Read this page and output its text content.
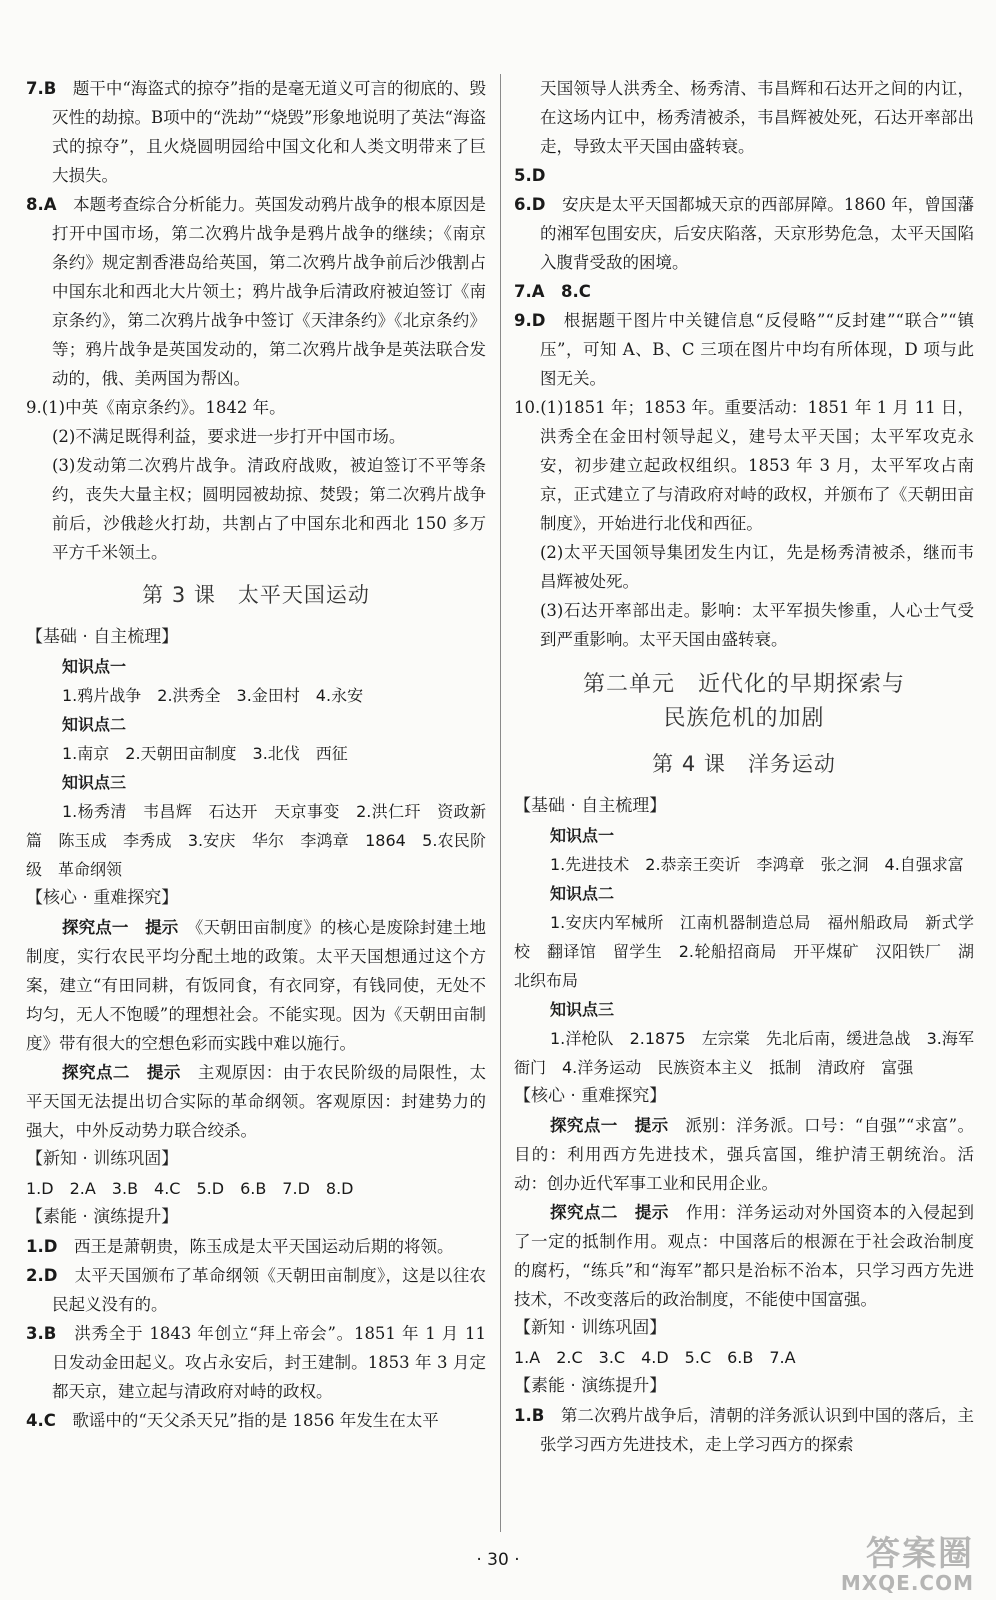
7.B　 题干中“海盗式的掠夺”指的是毫无道义可言的彻底的、毁灭性的劫掠。B项中的“洗劫”“烧毁”形象地说明了英法“海盗式的掠夺”，且火烧圆明园给中国文化和人类文明带来了巨大损失。

8.A　 本题考查综合分析能力。英国发动鸦片战争的根本原因是打开中国市场，第二次鸦片战争是鸦片战争的继续；《南京条约》规定割香港岛给英国，第二次鸦片战争前后沙俄割占中国东北和西北大片领土；鸦片战争后清政府被迫签订《南京条约》，第二次鸦片战争中签订《天津条约》《北京条约》等；鸦片战争是英国发动的，第二次鸦片战争是英法联合发动的，俄、美两国为帮凶。

9.(1)中英《南京条约》。1842 年。

(2)不满足既得利益，要求进一步打开中国市场。

(3)发动第二次鸦片战争。清政府战败，被迫签订不平等条约，丧失大量主权；圆明园被劫掠、焚毁；第二次鸦片战争前后，沙俄趁火打劫，共割占了中国东北和西北 150 多万平方千米领土。

第 3 课　太平天国运动
【基础 · 自主梳理】
知识点一

1.鸦片战争　2.洪秀全　3.金田村　4.永安

知识点二

1.南京　2.天朝田亩制度　3.北伐　西征

知识点三

1.杨秀清　韦昌辉　石达开　天京事变　2.洪仁玕　资政新篇　陈玉成　李秀成　3.安庆　华尔　李鸿章　1864　5.农民阶级　革命纲领

【核心 · 重难探究】

探究点一　提示　 《天朝田亩制度》的核心是废除封建土地制度，实行农民平均分配土地的政策。太平天国想通过这个方案，建立“有田同耕，有饭同食，有衣同穿，有钱同使，无处不均匀，无人不饱暖”的理想社会。不能实现。因为《天朝田亩制度》带有很大的空想色彩而实践中难以施行。

探究点二　提示　 主观原因：由于农民阶级的局限性，太平天国无法提出切合实际的革命纲领。客观原因：封建势力的强大，中外反动势力联合绞杀。

【新知 · 训练巩固】

1.D　2.A　3.B　4.C　5.D　6.B　7.D　8.D

【素能 · 演练提升】

1.D　 西王是萧朝贵，陈玉成是太平天国运动后期的将领。

2.D　 太平天国颁布了革命纲领《天朝田亩制度》，这是以往农民起义没有的。

3.B　 洪秀全于 1843 年创立“拜上帝会”。1851 年 1 月 11 日发动金田起义。攻占永安后，封王建制。1853 年 3 月定都天京，建立起与清政府对峙的政权。

4.C　 歌谣中的“天父杀天兄”指的是 1856 年发生在太平

天国领导人洪秀全、杨秀清、韦昌辉和石达开之间的内讧，在这场内讧中，杨秀清被杀，韦昌辉被处死，石达开率部出走，导致太平天国由盛转衰。

5.D

6.D　 安庆是太平天国都城天京的西部屏障。1860 年，曾国藩的湘军包围安庆，后安庆陷落，天京形势危急，太平天国陷入腹背受敌的困境。

7.A　8.C

9.D　 根据题干图片中关键信息“反侵略”“反封建”“联合”“镇压”，可知 A、B、C 三项在图片中均有所体现，D 项与此图无关。

10.(1)1851 年；1853 年。重要活动：1851 年 1 月 11 日，洪秀全在金田村领导起义，建号太平天国；太平军攻克永安，初步建立起政权组织。1853 年 3 月，太平军攻占南京，正式建立了与清政府对峙的政权，并颁布了《天朝田亩制度》，开始进行北伐和西征。

(2)太平天国领导集团发生内讧，先是杨秀清被杀，继而韦昌辉被处死。

(3)石达开率部出走。影响：太平军损失惨重，人心士气受到严重影响。太平天国由盛转衰。

第二单元　近代化的早期探索与
民族危机的加剧
第 4 课　洋务运动
【基础 · 自主梳理】
知识点一

1.先进技术　2.恭亲王奕䜣　李鸿章　张之洞　4.自强求富

知识点二

1.安庆内军械所　江南机器制造总局　福州船政局　新式学校　翻译馆　留学生　2.轮船招商局　开平煤矿　汉阳铁厂　湖北织布局

知识点三

1.洋枪队　2.1875　左宗棠　先北后南，缓进急战　3.海军衙门　4.洋务运动　民族资本主义　抵制　清政府　富强

【核心 · 重难探究】

探究点一　提示　 派别：洋务派。口号：“自强”“求富”。目的：利用西方先进技术，强兵富国，维护清王朝统治。活动：创办近代军事工业和民用企业。

探究点二　提示　 作用：洋务运动对外国资本的入侵起到了一定的抵制作用。观点：中国落后的根源在于社会政治制度的腐朽，“练兵”和“海军”都只是治标不治本，只学习西方先进技术，不改变落后的政治制度，不能使中国富强。

【新知 · 训练巩固】

1.A　2.C　3.C　4.D　5.C　6.B　7.A

【素能 · 演练提升】

1.B　 第二次鸦片战争后，清朝的洋务派认识到中国的落后，主张学习西方先进技术，走上学习西方的探索

· 30 ·	答案圈
MXQE.COM
